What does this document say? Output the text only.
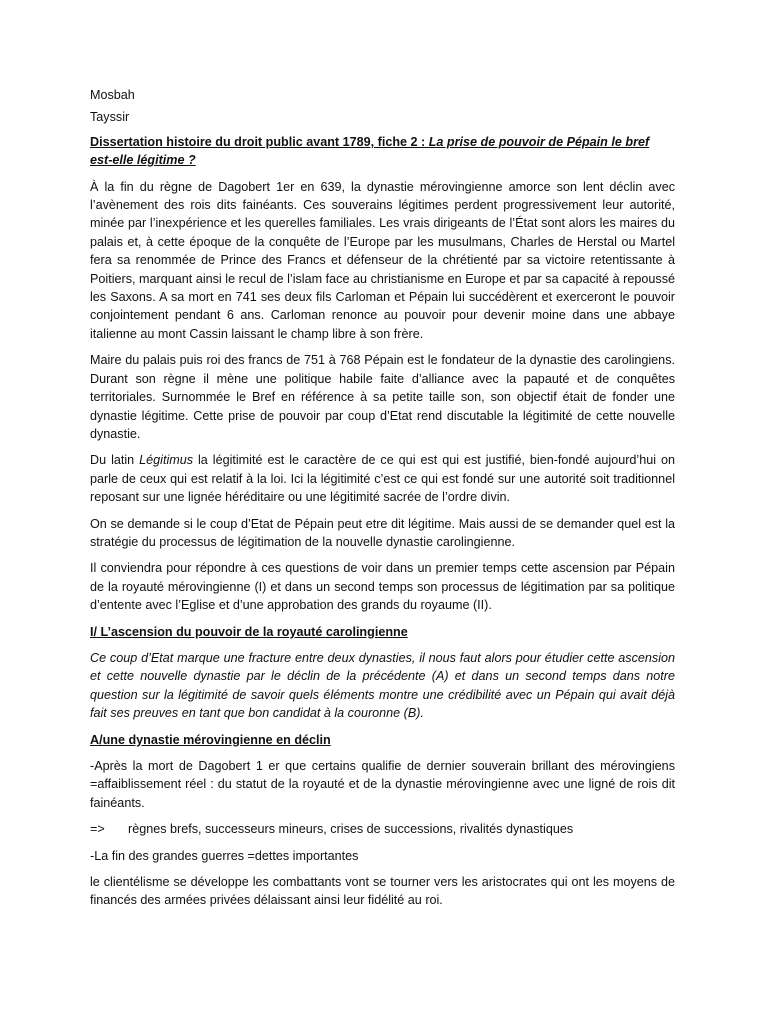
Mosbah

Tayssir

Dissertation histoire du droit public avant 1789, fiche 2 : La prise de pouvoir de Pépain le bref est-elle légitime ?

À la fin du règne de Dagobert 1er en 639, la dynastie mérovingienne amorce son lent déclin avec l’avènement des rois dits fainéants. Ces souverains légitimes perdent progressivement leur autorité, minée par l’inexpérience et les querelles familiales. Les vrais dirigeants de l’État sont alors les maires du palais et, à cette époque de la conquête de l’Europe par les musulmans, Charles de Herstal ou Martel fera sa renommée de Prince des Francs et défenseur de la chrétienté par sa victoire retentissante à Poitiers, marquant ainsi le recul de l’islam face au christianisme en Europe et par sa capacité à repoussé les Saxons. A sa mort en 741 ses deux fils Carloman et Pépain lui succédèrent et exerceront le pouvoir conjointement pendant 6 ans. Carloman renonce au pouvoir pour devenir moine dans une abbaye italienne au mont Cassin laissant le champ libre à son frère.

Maire du palais puis roi des francs de 751 à 768 Pépain est le fondateur de la dynastie des carolingiens. Durant son règne il mène une politique habile faite d’alliance avec la papauté et de conquêtes territoriales. Surnommée le Bref en référence à sa petite taille son, son objectif était de fonder une dynastie légitime. Cette prise de pouvoir par coup d’Etat rend discutable la légitimité de cette nouvelle dynastie.

Du latin Légitimus la légitimité est le caractère de ce qui est qui est justifié, bien-fondé aujourd’hui on parle de ceux qui est relatif à la loi. Ici la légitimité c’est ce qui est fondé sur une autorité soit traditionnel reposant sur une lignée héréditaire ou une légitimité sacrée de l’ordre divin.

On se demande si le coup d’Etat de Pépain peut etre dit légitime. Mais aussi de se demander quel est la stratégie du processus de légitimation de la nouvelle dynastie carolingienne.

Il conviendra pour répondre à ces questions de voir dans un premier temps cette ascension par Pépain de la royauté mérovingienne (I) et dans un second temps son processus de légitimation par sa politique d’entente avec l’Eglise et d’une approbation des grands du royaume (II).

I/ L’ascension du pouvoir de la royauté carolingienne

Ce coup d’Etat marque une fracture entre deux dynasties, il nous faut alors pour étudier cette ascension et cette nouvelle dynastie par le déclin de la précédente (A) et dans un second temps dans notre question sur la légitimité de savoir quels éléments montre une crédibilité avec un Pépain qui avait déjà fait ses preuves en tant que bon candidat à la couronne (B).

A/une dynastie mérovingienne en déclin

-Après la mort de Dagobert 1 er que certains qualifie de dernier souverain brillant des mérovingiens =affaiblissement réel : du statut de la royauté et de la dynastie mérovingienne avec une ligné de rois dit fainéants.

=>	règnes brefs, successeurs mineurs, crises de successions, rivalités dynastiques

-La fin des grandes guerres =dettes importantes

le clientélisme se développe les combattants vont se tourner vers les aristocrates qui ont les moyens de financés des armées privées délaissant ainsi leur fidélité au roi.
